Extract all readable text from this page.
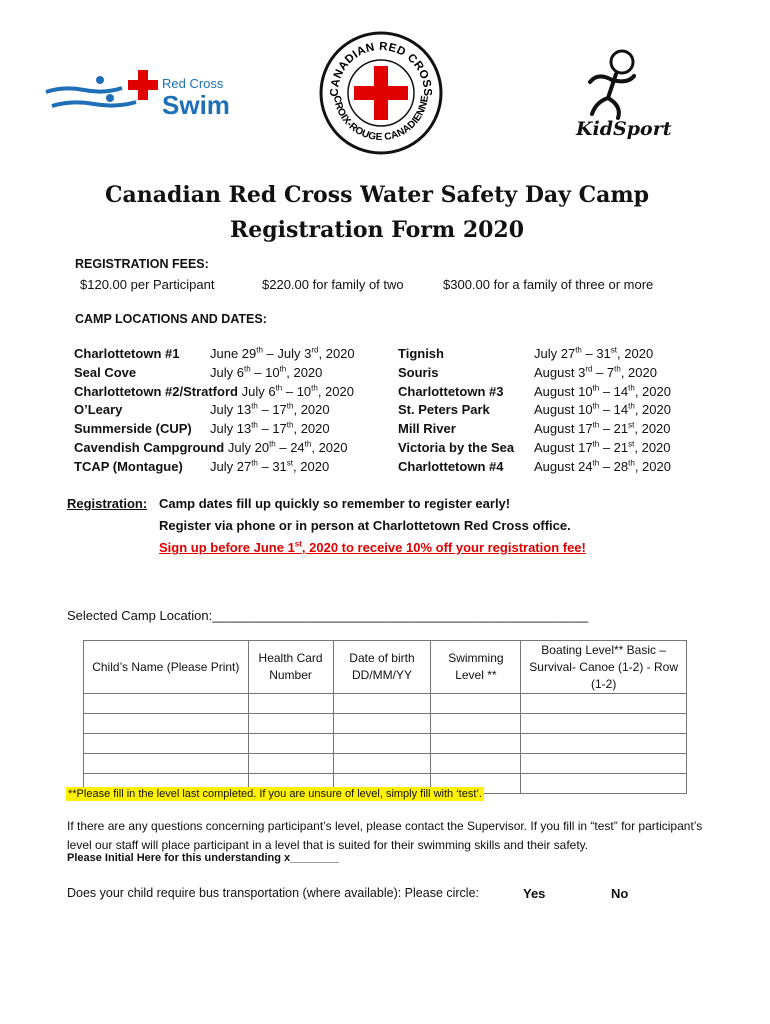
Red Cross
Swim	CANADIAN RED CROSS
CROIX-ROUGE CANADIENNE
KidSport
Canadian Red Cross Water Safety Day Camp
Registration Form 2020
REGISTRATION FEES:
$120.00 per Participant	$220.00 for family of two	$300.00 for a family of three or more
CAMP LOCATIONS AND DATES:
Charlottetown #1 June 29th – July 3rd, 2020
Seal Cove	July 6th – 10th, 2020
Charlottetown #2/Stratford July 6th – 10th, 2020
O’Leary	July 13th – 17th, 2020
Summerside (CUP) July 13th – 17th, 2020
Cavendish Campground July 20th – 24th, 2020
TCAP (Montague) July 27th – 31st, 2020
Tignish	July 27th – 31st, 2020
Souris	August 3rd – 7th, 2020
Charlottetown #3 August 10th – 14th, 2020
St. Peters Park	August 10th – 14th, 2020
Mill River	August 17th – 21st, 2020
Victoria by the Sea August 17th – 21st, 2020
Charlottetown #4 August 24th – 28th, 2020
Registration: Camp dates fill up quickly so remember to register early!
Register via phone or in person at Charlottetown Red Cross office.
Sign up before June 1st, 2020 to receive 10% off your registration fee!
Selected Camp Location:____________________________________________________
Child’s Name (Please Print)	Health Card Number	Date of birth DD/MM/YY	Swimming Level **	Boating Level** Basic – Survival- Canoe (1-2) - Row (1-2)

**Please fill in the level last completed. If you are unsure of level, simply fill with ‘test’.
If there are any questions concerning participant’s level, please contact the Supervisor. If you fill in “test” for participant’s level our staff will place participant in a level that is suited for their swimming skills and their safety.
Please Initial Here for this understanding x________
Does your child require bus transportation (where available): Please circle:	Yes	No
